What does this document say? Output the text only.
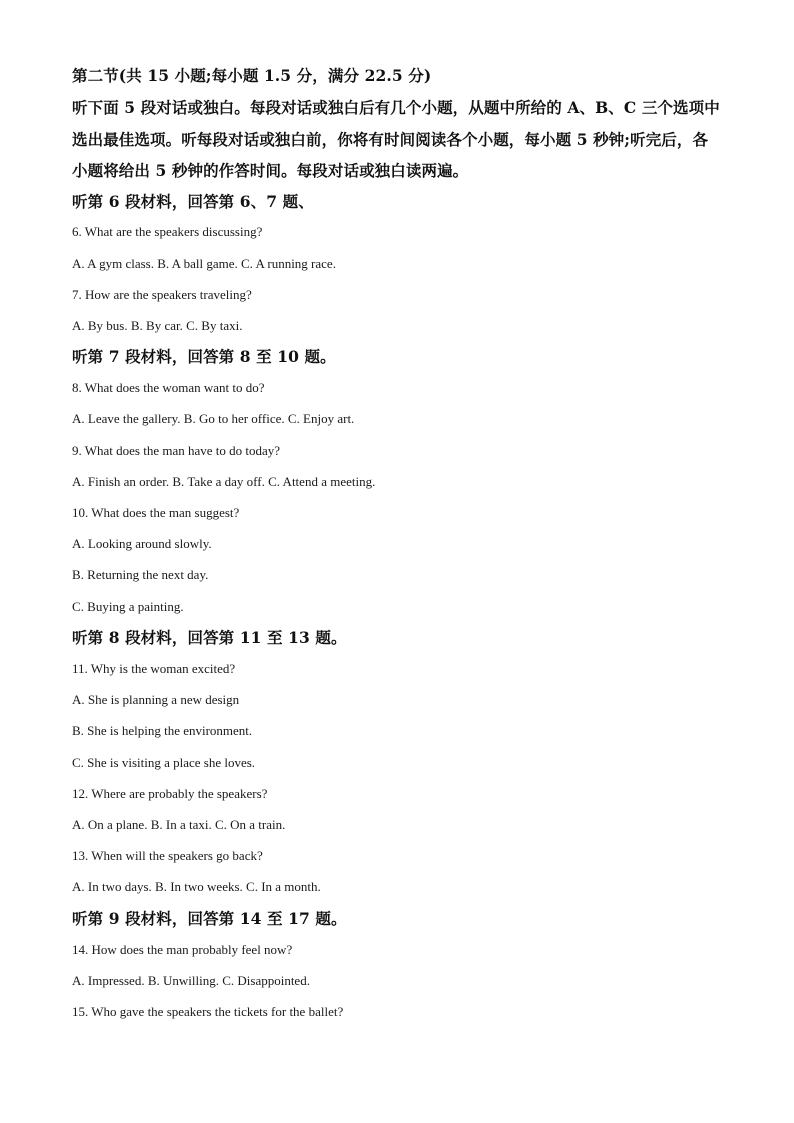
第二节(共 15 小题;每小题 1.5 分，满分 22.5 分)
听下面 5 段对话或独白。每段对话或独白后有几个小题，从题中所给的 A、B、C 三个选项中
选出最佳选项。听每段对话或独白前，你将有时间阅读各个小题，每小题 5 秒钟;听完后，各
小题将给出 5 秒钟的作答时间。每段对话或独白读两遍。
听第 6 段材料，回答第 6、7 题、
6. What are the speakers discussing?
A. A gym class. B. A ball game. C. A running race.
7. How are the speakers traveling?
A. By bus. B. By car. C. By taxi.
听第 7 段材料，回答第 8 至 10 题。
8. What does the woman want to do?
A. Leave the gallery. B. Go to her office. C. Enjoy art.
9. What does the man have to do today?
A. Finish an order. B. Take a day off. C. Attend a meeting.
10. What does the man suggest?
A. Looking around slowly.
B. Returning the next day.
C. Buying a painting.
听第 8 段材料，回答第 11 至 13 题。
11. Why is the woman excited?
A. She is planning a new design
B. She is helping the environment.
C. She is visiting a place she loves.
12. Where are probably the speakers?
A. On a plane. B. In a taxi. C. On a train.
13. When will the speakers go back?
A. In two days. B. In two weeks. C. In a month.
听第 9 段材料，回答第 14 至 17 题。
14. How does the man probably feel now?
A. Impressed. B. Unwilling. C. Disappointed.
15. Who gave the speakers the tickets for the ballet?
